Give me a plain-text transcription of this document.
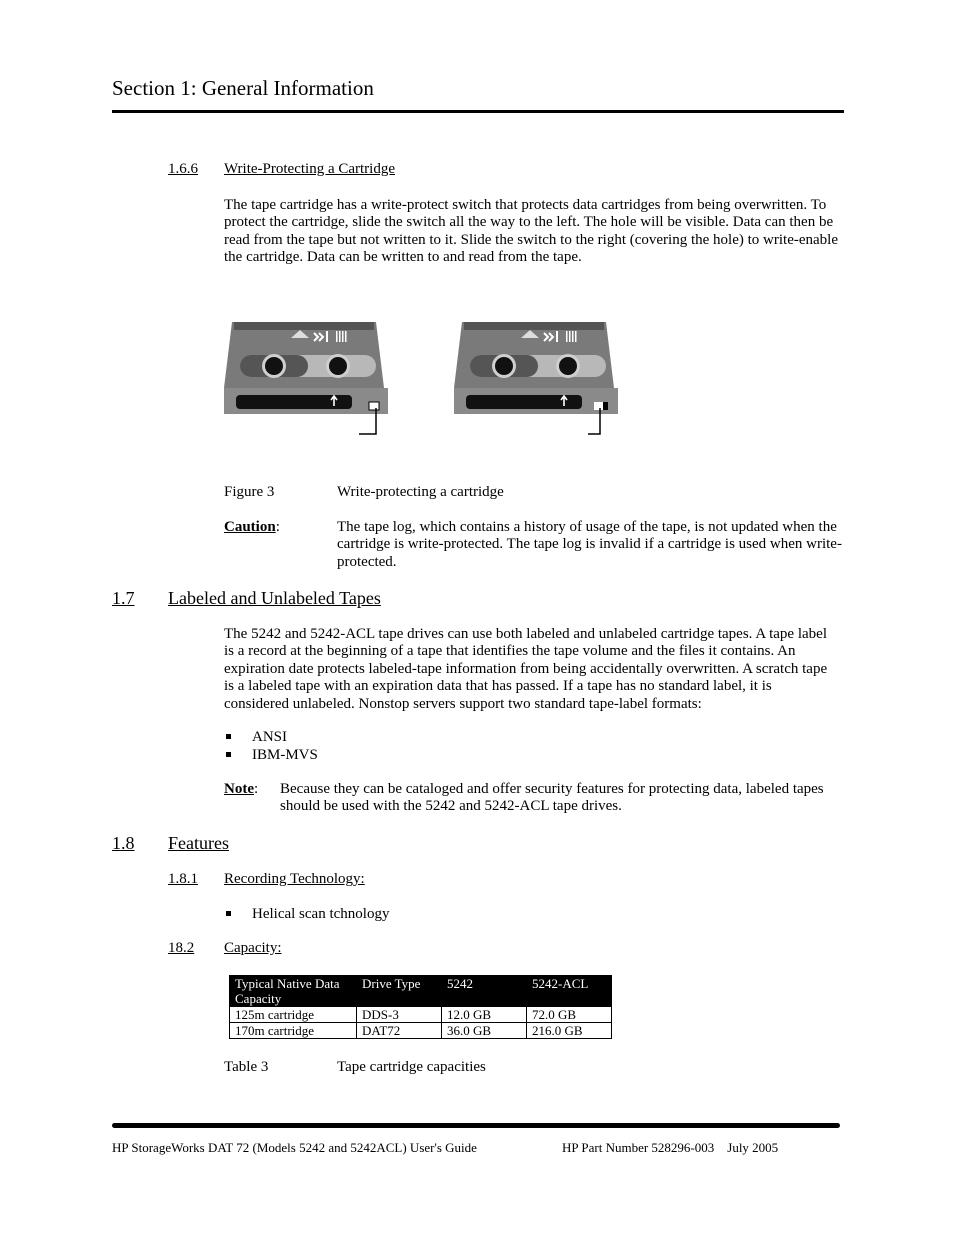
Section 1: General Information
1.6.6 Write-Protecting a Cartridge
The tape cartridge has a write-protect switch that protects data cartridges from being overwritten. To protect the cartridge, slide the switch all the way to the left. The hole will be visible. Data can then be read from the tape but not written to it. Slide the switch to the right (covering the hole) to write-enable the cartridge. Data can be written to and read from the tape.
Figure 3	Write-protecting a cartridge
Caution:	The tape log, which contains a history of usage of the tape, is not updated when the cartridge is write-protected. The tape log is invalid if a cartridge is used when write-protected.
1.7 Labeled and Unlabeled Tapes
The 5242 and 5242-ACL tape drives can use both labeled and unlabeled cartridge tapes. A tape label is a record at the beginning of a tape that identifies the tape volume and the files it contains. An expiration date protects labeled-tape information from being accidentally overwritten. A scratch tape is a labeled tape with an expiration data that has passed. If a tape has no standard label, it is considered unlabeled. Nonstop servers support two standard tape-label formats:
ANSI
IBM-MVS
Note: Because they can be cataloged and offer security features for protecting data, labeled tapes should be used with the 5242 and 5242-ACL tape drives.
1.8 Features
1.8.1 Recording Technology:
Helical scan tchnology
18.2 Capacity:
Typical Native Data Capacity	Drive Type	5242	5242-ACL
125m cartridge	DDS-3	12.0 GB	72.0 GB
170m cartridge	DAT72	36.0 GB	216.0 GB
Table 3	Tape cartridge capacities
HP StorageWorks DAT 72 (Models 5242 and 5242ACL) User's Guide	HP Part Number 528296-003    July 2005
